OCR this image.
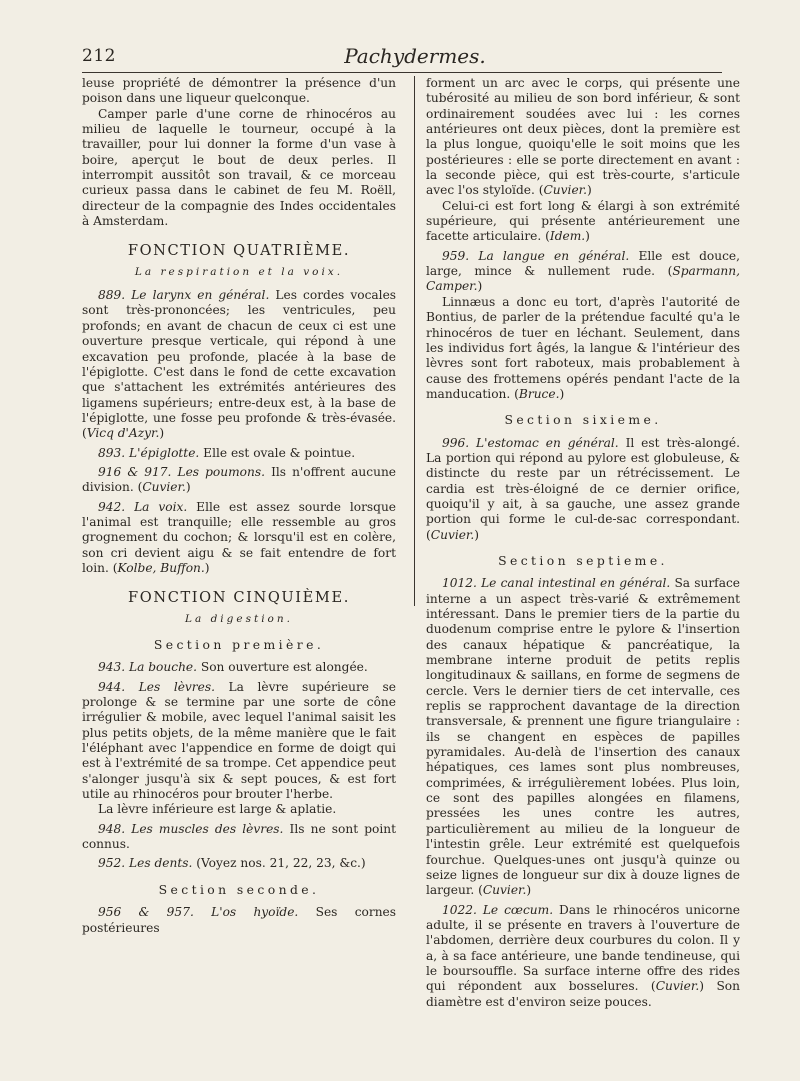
212	Pachydermes.

leuse propriété de démontrer la présence d'un poison dans une liqueur quelconque.

Camper parle d'une corne de rhinocéros au milieu de laquelle le tourneur, occupé à la travailler, pour lui donner la forme d'un vase à boire, aperçut le bout de deux perles. Il interrompit aussitôt son travail, & ce morceau curieux passa dans le cabinet de feu M. Roëll, directeur de la compagnie des Indes occidentales à Amsterdam.

FONCTION QUATRIÈME.
La respiration et la voix.

889. Le larynx en général. Les cordes vocales sont très-prononcées; les ventricules, peu profonds; en avant de chacun de ceux ci est une ouverture presque verticale, qui répond à une excavation peu profonde, placée à la base de l'épiglotte. C'est dans le fond de cette excavation que s'attachent les extrémités antérieures des ligamens supérieurs; entre-deux est, à la base de l'épiglotte, une fosse peu profonde & très-évasée. (Vicq d'Azyr.)

893. L'épiglotte. Elle est ovale & pointue.

916 & 917. Les poumons. Ils n'offrent aucune division. (Cuvier.)

942. La voix. Elle est assez sourde lorsque l'animal est tranquille; elle ressemble au gros grognement du cochon; & lorsqu'il est en colère, son cri devient aigu & se fait entendre de fort loin. (Kolbe, Buffon.)

FONCTION CINQUIÈME.
La digestion.
Section première.

943. La bouche. Son ouverture est alongée.

944. Les lèvres. La lèvre supérieure se prolonge & se termine par une sorte de cône irrégulier & mobile, avec lequel l'animal saisit les plus petits objets, de la même manière que le fait l'éléphant avec l'appendice en forme de doigt qui est à l'extrémité de sa trompe. Cet appendice peut s'alonger jusqu'à six & sept pouces, & est fort utile au rhinocéros pour brouter l'herbe.

La lèvre inférieure est large & aplatie.

948. Les muscles des lèvres. Ils ne sont point connus.

952. Les dents. (Voyez nos. 21, 22, 23, &c.)

Section seconde.

956 & 957. L'os hyoïde. Ses cornes postérieures

forment un arc avec le corps, qui présente une tubérosité au milieu de son bord inférieur, & sont ordinairement soudées avec lui : les cornes antérieures ont deux pièces, dont la première est la plus longue, quoiqu'elle le soit moins que les postérieures : elle se porte directement en avant : la seconde pièce, qui est très-courte, s'articule avec l'os styloïde. (Cuvier.)

Celui-ci est fort long & élargi à son extrémité supérieure, qui présente antérieurement une facette articulaire. (Idem.)

959. La langue en général. Elle est douce, large, mince & nullement rude. (Sparmann, Camper.)

Linnæus a donc eu tort, d'après l'autorité de Bontius, de parler de la prétendue faculté qu'a le rhinocéros de tuer en léchant. Seulement, dans les individus fort âgés, la langue & l'intérieur des lèvres sont fort raboteux, mais probablement à cause des frottemens opérés pendant l'acte de la manducation. (Bruce.)

Section sixieme.

996. L'estomac en général. Il est très-alongé. La portion qui répond au pylore est globuleuse, & distincte du reste par un rétrécissement. Le cardia est très-éloigné de ce dernier orifice, quoiqu'il y ait, à sa gauche, une assez grande portion qui forme le cul-de-sac correspondant. (Cuvier.)

Section septieme.

1012. Le canal intestinal en général. Sa surface interne a un aspect très-varié & extrêmement intéressant. Dans le premier tiers de la partie du duodenum comprise entre le pylore & l'insertion des canaux hépatique & pancréatique, la membrane interne produit de petits replis longitudinaux & saillans, en forme de segmens de cercle. Vers le dernier tiers de cet intervalle, ces replis se rapprochent davantage de la direction transversale, & prennent une figure triangulaire : ils se changent en espèces de papilles pyramidales. Au-delà de l'insertion des canaux hépatiques, ces lames sont plus nombreuses, comprimées, & irrégulièrement lobées. Plus loin, ce sont des papilles alongées en filamens, pressées les unes contre les autres, particulièrement au milieu de la longueur de l'intestin grêle. Leur extrémité est quelquefois fourchue. Quelques-unes ont jusqu'à quinze ou seize lignes de longueur sur dix à douze lignes de largeur. (Cuvier.)

1022. Le cœcum. Dans le rhinocéros unicorne adulte, il se présente en travers à l'ouverture de l'abdomen, derrière deux courbures du colon. Il y a, à sa face antérieure, une bande tendineuse, qui le boursouffle. Sa surface interne offre des rides qui répondent aux bosselures. (Cuvier.) Son diamètre est d'environ seize pouces.
